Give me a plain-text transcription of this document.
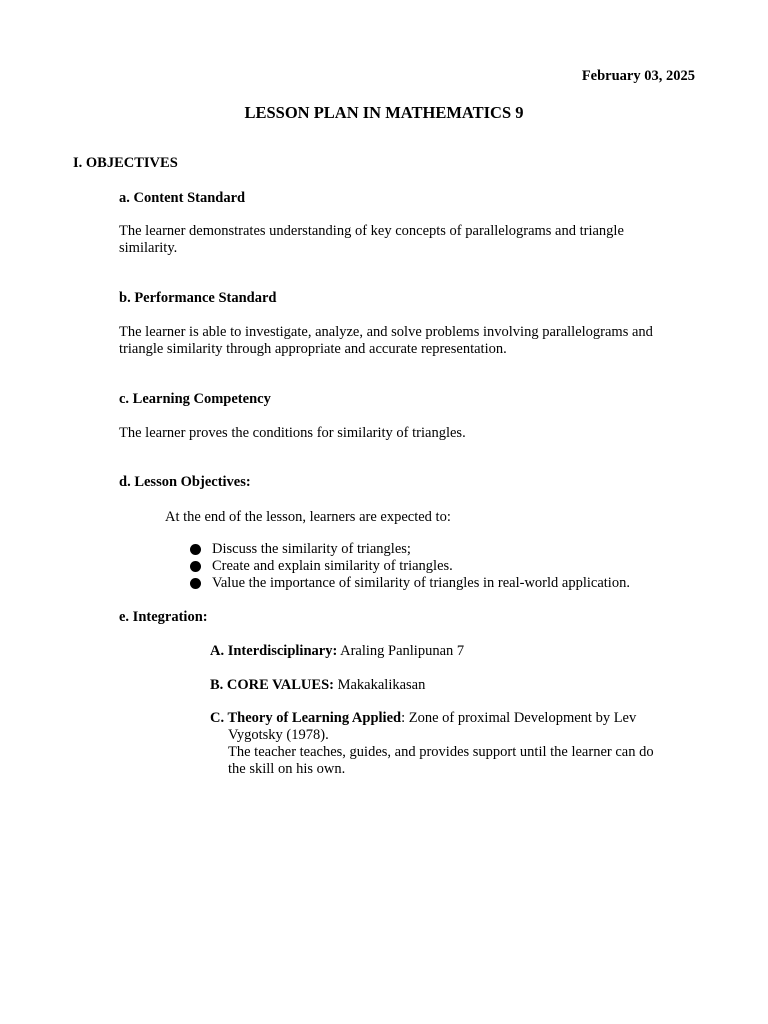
February 03, 2025
LESSON PLAN IN MATHEMATICS 9
I. OBJECTIVES
a. Content Standard
The learner demonstrates understanding of key concepts of parallelograms and triangle
similarity.
b. Performance Standard
The learner is able to investigate, analyze, and solve problems involving parallelograms and
triangle similarity through appropriate and accurate representation.
c. Learning Competency
The learner proves the conditions for similarity of triangles.
d. Lesson Objectives:
At the end of the lesson, learners are expected to:
Discuss the similarity of triangles;
Create and explain similarity of triangles.
Value the importance of similarity of triangles in real-world application.
e. Integration:
A. Interdisciplinary: Araling Panlipunan 7
B. CORE VALUES: Makakalikasan
C. Theory of Learning Applied: Zone of proximal Development by Lev
Vygotsky (1978).
The teacher teaches, guides, and provides support until the learner can do
the skill on his own.
